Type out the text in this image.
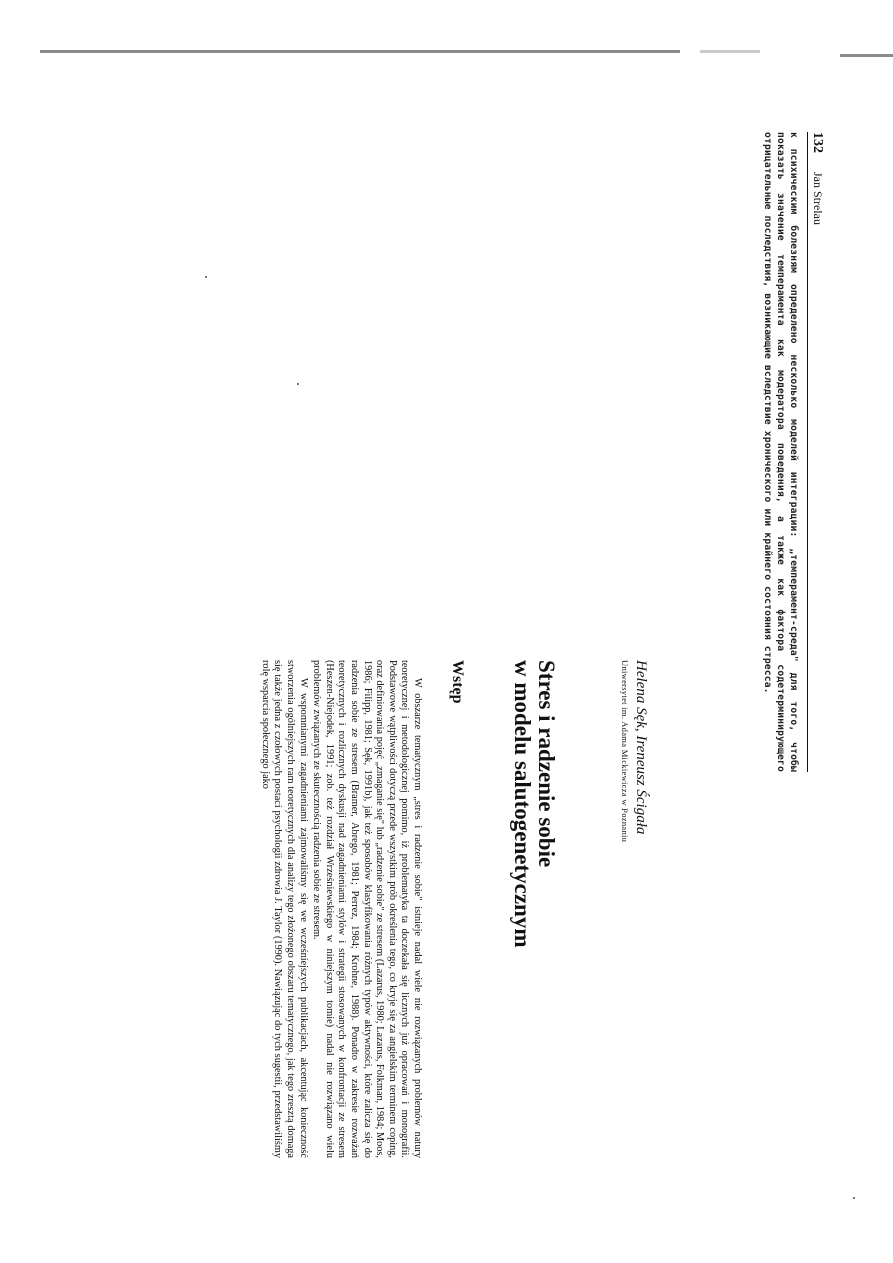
132 Jan Strelau

к психическим болезням определено несколько моделей интеграции: „темперамент-среда" для того, чтобы показать значение темперамента как модератора поведения, а также как фактора содетерминирующего отрицательные последствия, возникающие вследствие хронического или крайнего состояния стресса.

Helena Sęk, Ireneusz Ścigała
Uniwersytet im. Adama Mickiewicza w Poznaniu
Stres i radzenie sobie
w modelu salutogenetycznym
Wstęp

W obszarze tematycznym „stres i radzenie sobie" istnieje nadal wiele nie rozwiązanych problemów natury teoretycznej i metodologicznej pomimo, iż problematyka ta doczekała się licznych już opracowań i monografii. Podstawowe wątpliwości dotyczą przede wszystkim prób określenia tego, co kryje się za angielskim terminem coping, oraz definiowania pojęć „zmaganie się" lub „radzenie sobie" ze stresem (Lazarus, 1980; Lazarus, Folkman, 1984; Moos, 1986; Filipp, 1981; Sęk, 1991b), jak też sposobów klasyfikowania różnych typów aktywności, które zalicza się do radzenia sobie ze stresem (Bramer, Abrego, 1981; Perrez, 1984; Krohne, 1988). Ponadto w zakresie rozważań teoretycznych i rozlicznych dyskusji nad zagadnieniami stylów i strategii stosowanych w konfrontacji ze stresem (Heszen-Niejodek, 1991; zob. też rozdział Wrześniewskiego w niniejszym tomie) nadal nie rozwiązano wielu problemów związanych ze skutecznością radzenia sobie ze stresem.

W wspomnianymi zagadnieniami zajmowaliśmy się we wcześniejszych publikacjach, akcentując konieczność stworzenia ogólniejszych ram teoretycznych dla analizy tego złożonego obszaru tematycznego, jak tego zresztą domaga się także jedna z czołowych postaci psychologii zdrowia J. Taylor (1990). Nawiązując do tych sugestii, przedstawiliśmy rolę wsparcia społecznego jako
